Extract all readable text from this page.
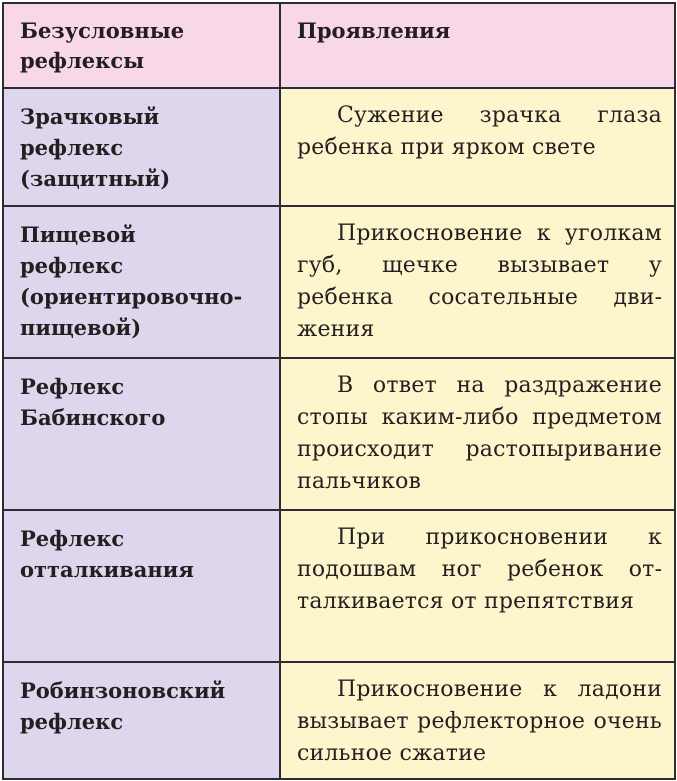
Безусловные
рефлексы	Проявления
Зрачковый
рефлекс
(защитный)	Сужение зрачка глаза ребенка при ярком свете
Пищевой
рефлекс
(ориентировочно-
пищевой)	Прикосновение к уголкам губ, щечке вызывает у ребенка сосательные движения
Рефлекс
Бабинского	В ответ на раздражение стопы каким-либо предметом происходит растопыривание пальчиков
Рефлекс
отталкивания	При прикосновении к подошвам ног ребенок отталкивается от препятствия
Робинзоновский
рефлекс	Прикосновение к ладони вызывает рефлекторное очень сильное сжатие
